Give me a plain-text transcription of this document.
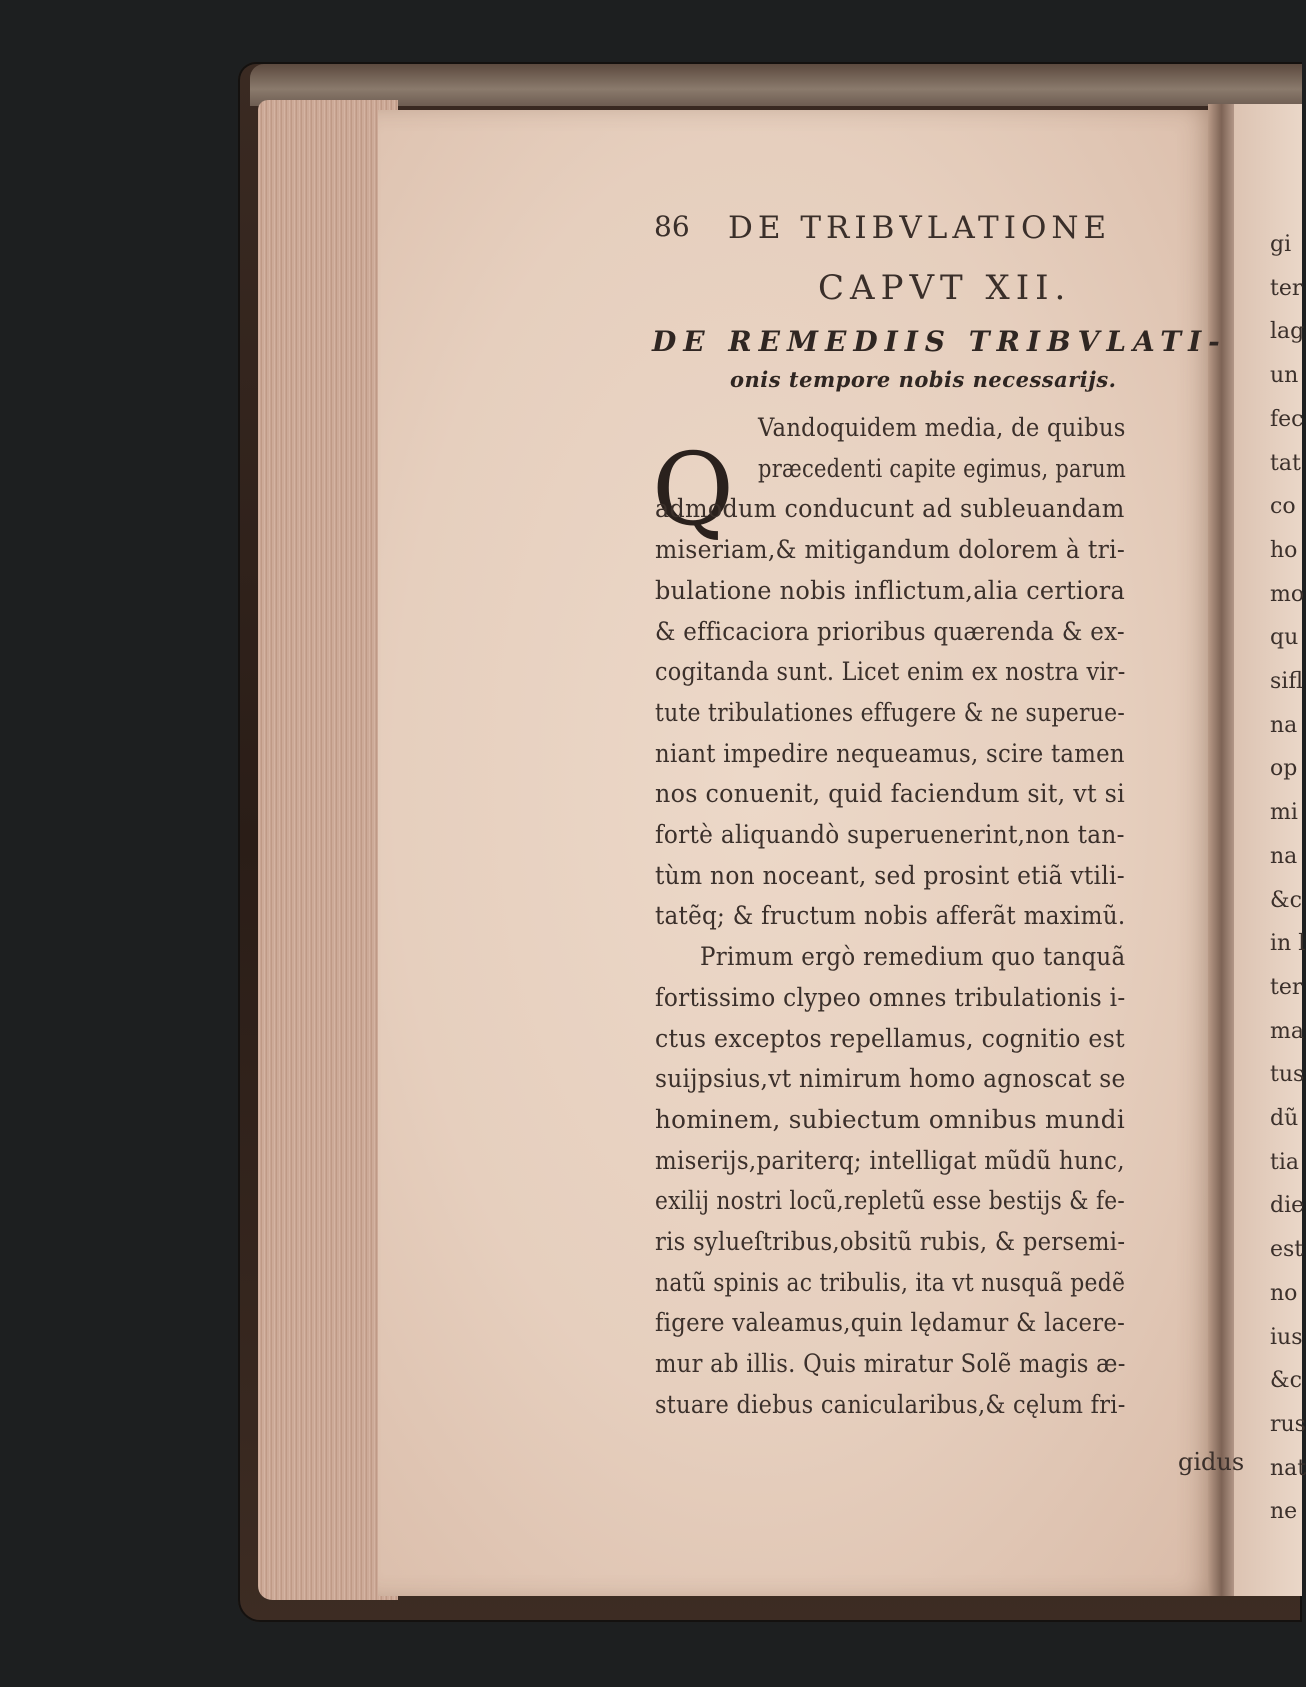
86 DE TRIBVLATIONE
CAPVT XII.
DE REMEDIIS TRIBVLATI-
onis tempore nobis necessarijs.
Q
Vandoquidem media, de quibus
præcedenti capite egimus, parum
admodum conducunt ad subleuandam
miseriam,& mitigandum dolorem à tri-
bulatione nobis inflictum,alia certiora
& efficaciora prioribus quærenda & ex-
cogitanda sunt. Licet enim ex nostra vir-
tute tribulationes effugere & ne superue-
niant impedire nequeamus, scire tamen
nos conuenit, quid faciendum sit, vt si
fortè aliquandò superuenerint,non tan-
tùm non noceant, sed prosint etiã vtili-
tatẽq; & fructum nobis afferãt maximũ.
Primum ergò remedium quo tanquã
fortissimo clypeo omnes tribulationis i-
ctus exceptos repellamus, cognitio est
suijpsius,vt nimirum homo agnoscat se
hominem, subiectum omnibus mundi
miserijs,pariterq; intelligat mũdũ hunc,
exilij nostri locũ,repletũ esse bestijs & fe-
ris sylueſtribus,obsitũ rubis, & persemi-
natũ spinis ac tribulis, ita vt nusquã pedẽ
figere valeamus,quin lędamur & lacere-
mur ab illis. Quis miratur Solẽ magis æ-
stuare diebus canicularibus,& cęlum fri-
gidus
gi
ter
lag
un
fec
tat
co
ho
mo
qu
sifl
na
op
mi
na
&c
in l
ter
ma
tus
dũ
tia
die
est
no
ius
&c
rus
nat
ne
